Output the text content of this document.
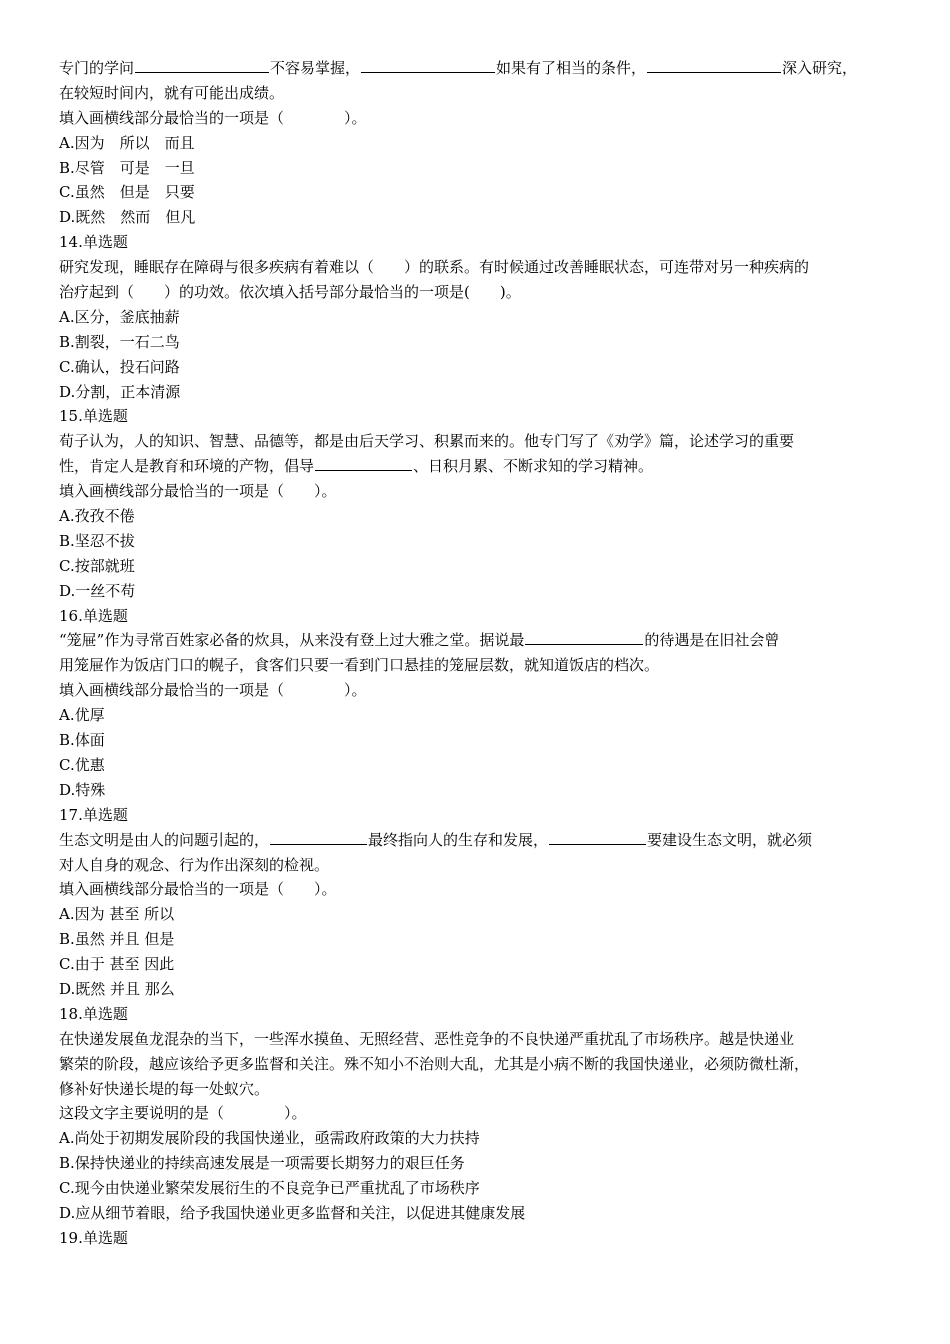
专门的学问	不容易掌握，	如果有了相当的条件，	深入研究，
在较短时间内，就有可能出成绩。
填入画横线部分最恰当的一项是（　　　　）。
A.因为　所以　而且
B.尽管　可是　一旦
C.虽然　但是　只要
D.既然　然而　但凡
14.单选题
研究发现，睡眠存在障碍与很多疾病有着难以（　　）的联系。有时候通过改善睡眠状态，可连带对另一种疾病的
治疗起到（　　）的功效。依次填入括号部分最恰当的一项是(　　)。
A.区分，釜底抽薪
B.割裂，一石二鸟
C.确认，投石问路
D.分割，正本清源
15.单选题
荀子认为，人的知识、智慧、品德等，都是由后天学习、积累而来的。他专门写了《劝学》篇，论述学习的重要
性，肯定人是教育和环境的产物，倡导	、日积月累、不断求知的学习精神。
填入画横线部分最恰当的一项是（　　）。
A.孜孜不倦
B.坚忍不拔
C.按部就班
D.一丝不苟
16.单选题
“笼屉”作为寻常百姓家必备的炊具，从来没有登上过大雅之堂。据说最	的待遇是在旧社会曾
用笼屉作为饭店门口的幌子，食客们只要一看到门口悬挂的笼屉层数，就知道饭店的档次。
填入画横线部分最恰当的一项是（　　　　）。
A.优厚
B.体面
C.优惠
D.特殊
17.单选题
生态文明是由人的问题引起的，	最终指向人的生存和发展，	要建设生态文明，就必须
对人自身的观念、行为作出深刻的检视。
填入画横线部分最恰当的一项是（　　）。
A.因为 甚至 所以
B.虽然 并且 但是
C.由于 甚至 因此
D.既然 并且 那么
18.单选题
在快递发展鱼龙混杂的当下，一些浑水摸鱼、无照经营、恶性竞争的不良快递严重扰乱了市场秩序。越是快递业
繁荣的阶段，越应该给予更多监督和关注。殊不知小不治则大乱，尤其是小病不断的我国快递业，必须防微杜渐，
修补好快递长堤的每一处蚁穴。
这段文字主要说明的是（　　　　）。
A.尚处于初期发展阶段的我国快递业，亟需政府政策的大力扶持
B.保持快递业的持续高速发展是一项需要长期努力的艰巨任务
C.现今由快递业繁荣发展衍生的不良竞争已严重扰乱了市场秩序
D.应从细节着眼，给予我国快递业更多监督和关注，以促进其健康发展
19.单选题
